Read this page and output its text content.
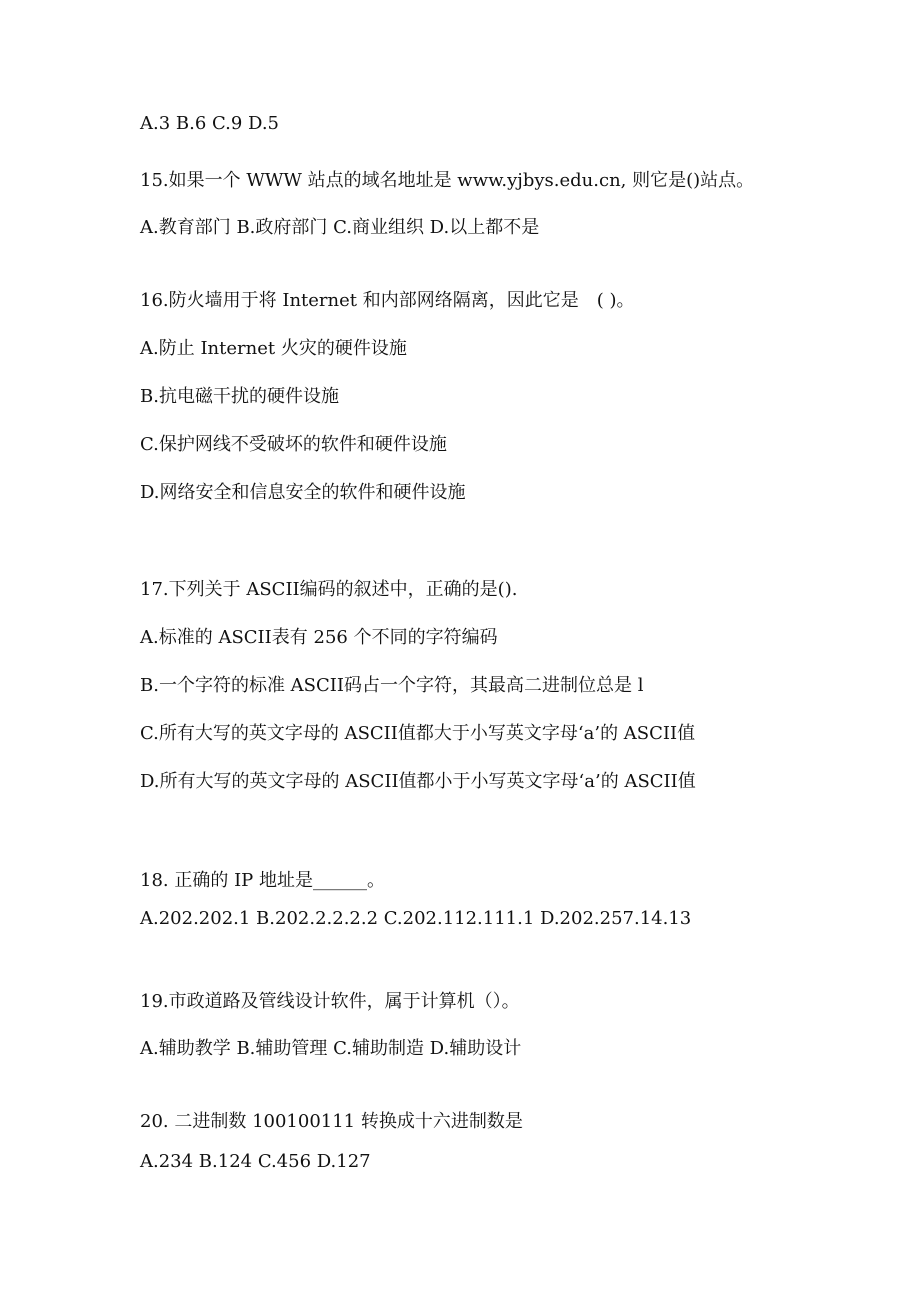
A.3 B.6 C.9 D.5
15.如果一个 WWW 站点的域名地址是 www.yjbys.edu.cn, 则它是()站点。
A.教育部门 B.政府部门 C.商业组织 D.以上都不是
16.防火墙用于将 Internet 和内部网络隔离，因此它是　( )。
A.防止 Internet 火灾的硬件设施
B.抗电磁干扰的硬件设施
C.保护网线不受破坏的软件和硬件设施
D.网络安全和信息安全的软件和硬件设施
17.下列关于 ASCII编码的叙述中，正确的是().
A.标准的 ASCII表有 256 个不同的字符编码
B.一个字符的标准 ASCII码占一个字符，其最高二进制位总是 l
C.所有大写的英文字母的 ASCII值都大于小写英文字母‘a’的 ASCII值
D.所有大写的英文字母的 ASCII值都小于小写英文字母‘a’的 ASCII值
18. 正确的 IP 地址是______。
A.202.202.1 B.202.2.2.2.2 C.202.112.111.1 D.202.257.14.13
19.市政道路及管线设计软件，属于计算机（）。
A.辅助教学 B.辅助管理 C.辅助制造 D.辅助设计
20. 二进制数 100100111 转换成十六进制数是
A.234 B.124 C.456 D.127
